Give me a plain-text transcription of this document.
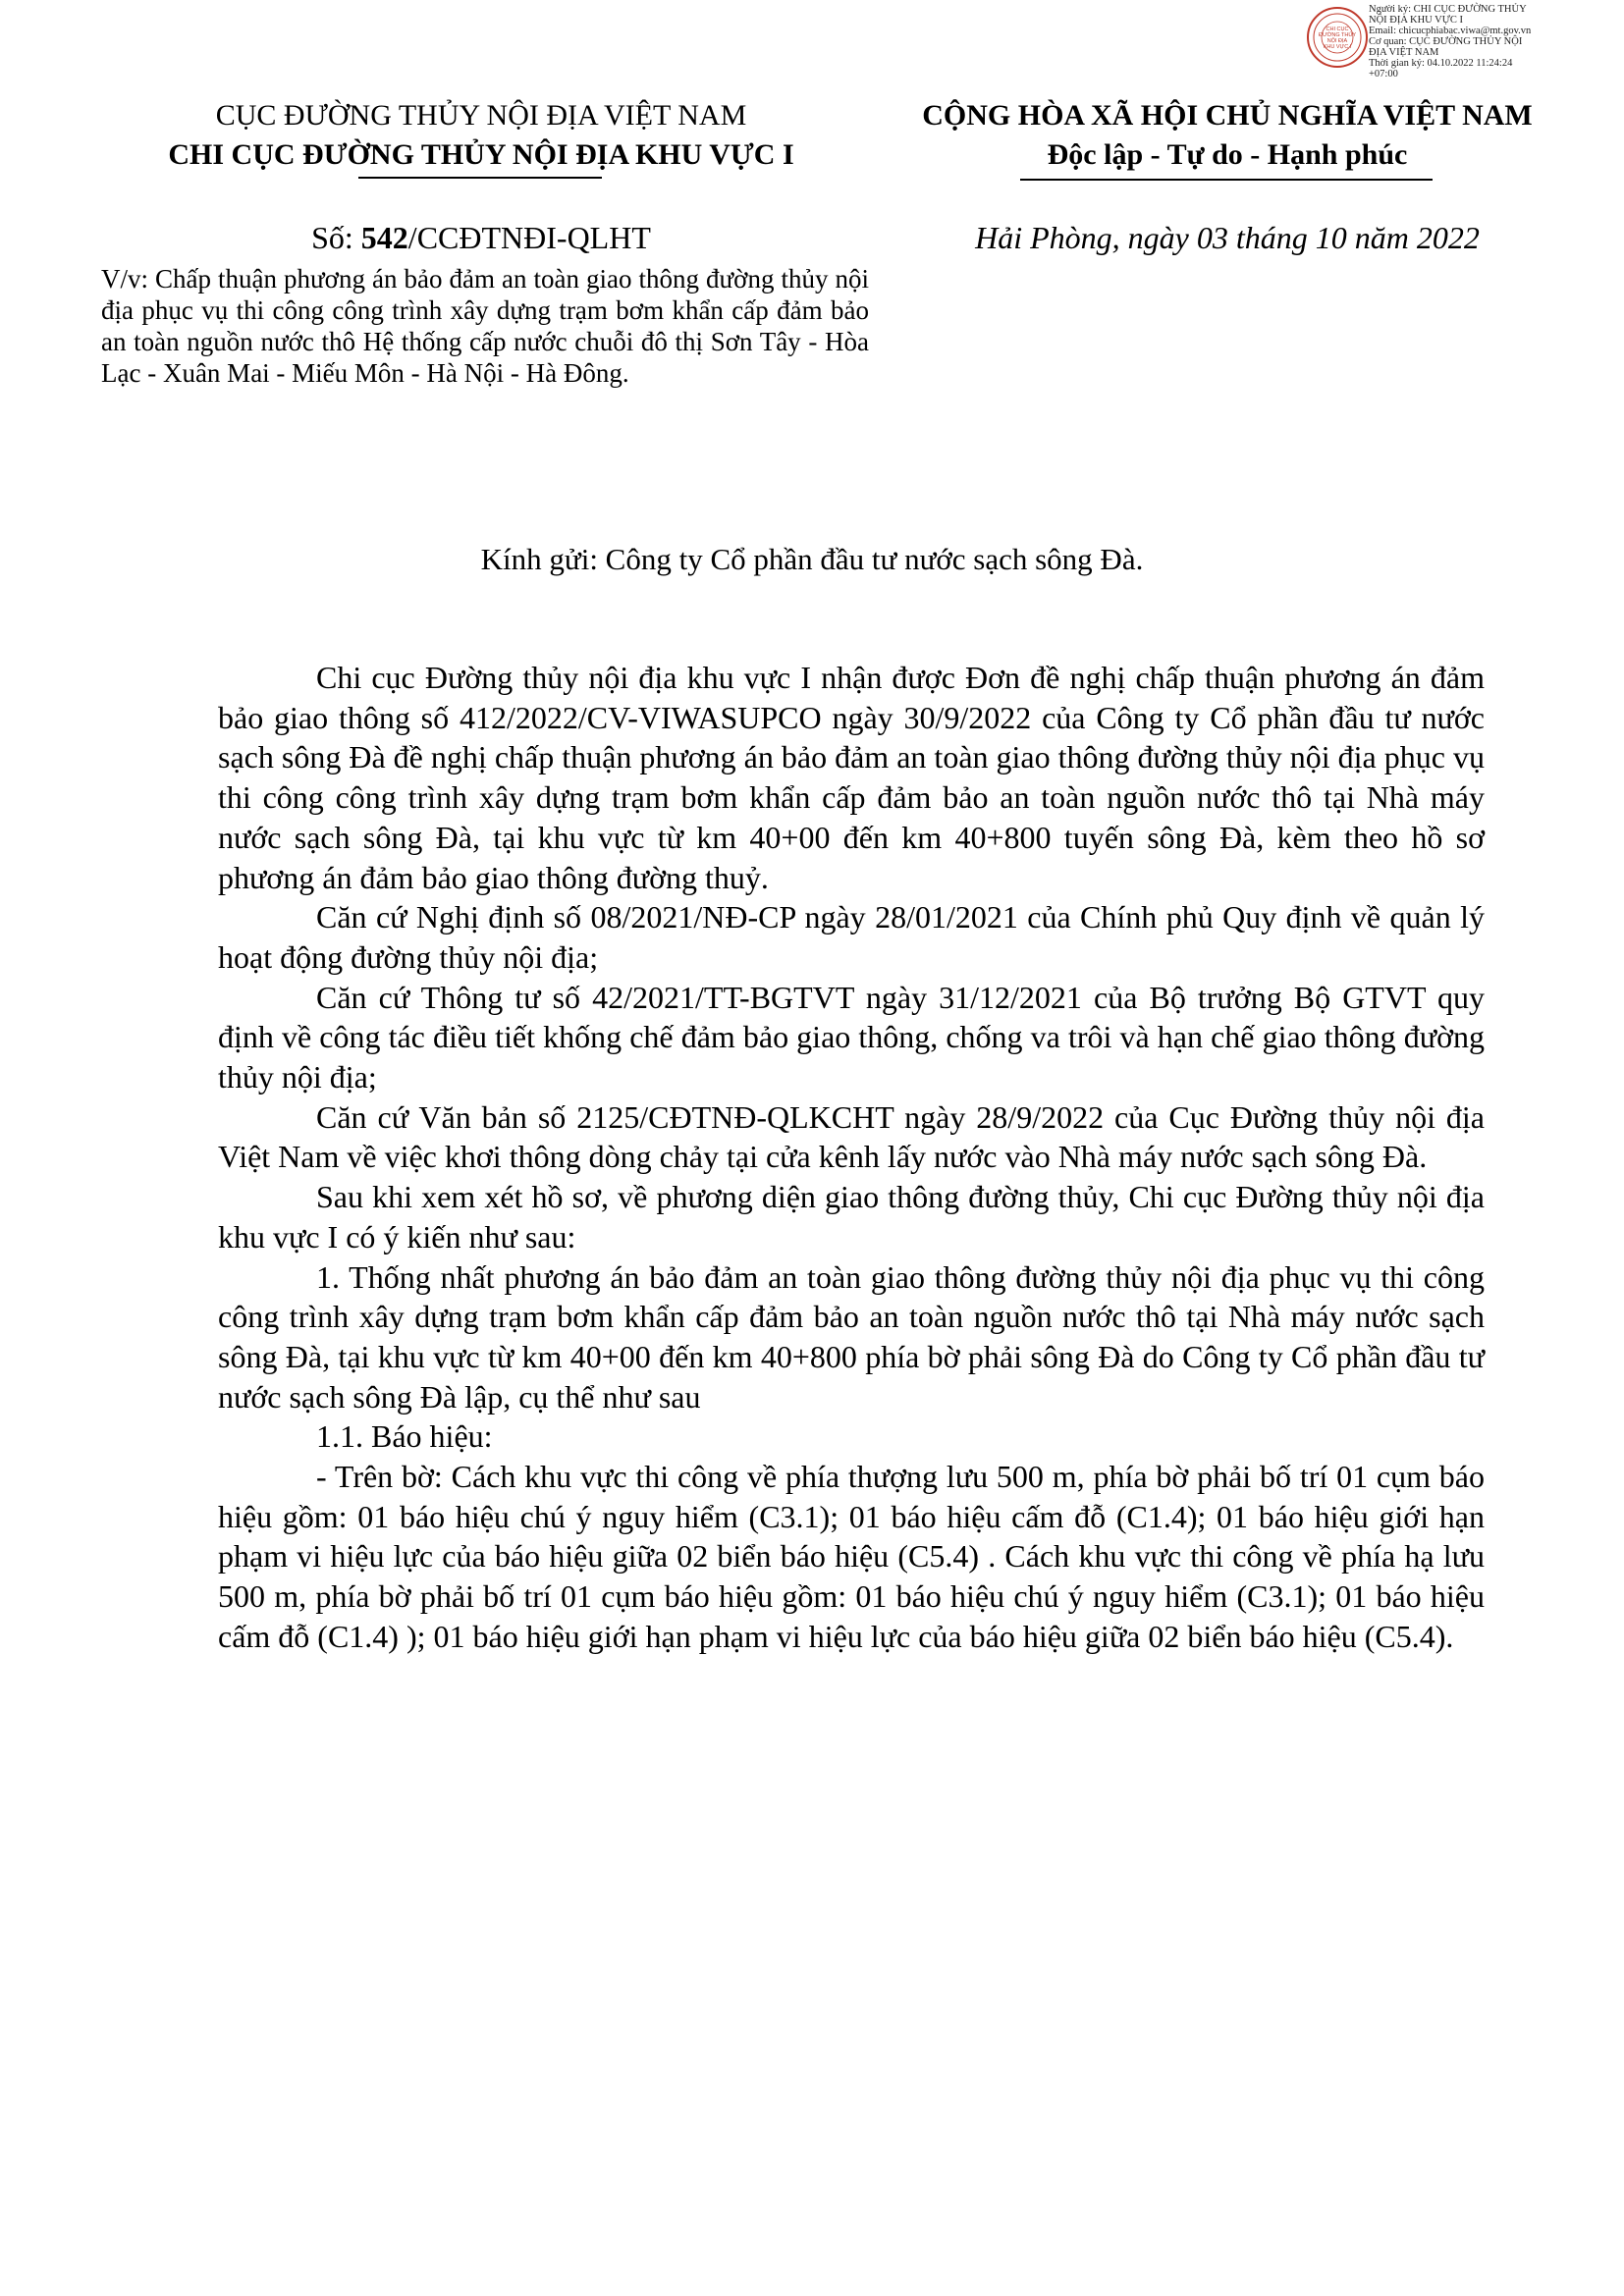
CHI CỤC
ĐƯỜNG THỦY
NỘI ĐỊA
KHU VỰC I
Người ký: CHI CỤC ĐƯỜNG THỦY
NỘI ĐỊA KHU VỰC I
Email: chicucphiabac.viwa@mt.gov.vn
Cơ quan: CỤC ĐƯỜNG THỦY NỘI
ĐỊA VIỆT NAM
Thời gian ký: 04.10.2022 11:24:24
+07:00
CỤC ĐƯỜNG THỦY NỘI ĐỊA VIỆT NAM
CHI CỤC ĐƯỜNG THỦY NỘI ĐỊA KHU VỰC I
CỘNG HÒA XÃ HỘI CHỦ NGHĨA VIỆT NAM
Độc lập - Tự do - Hạnh phúc
Số: 542/CCĐTNĐI-QLHT	Hải Phòng, ngày 03 tháng 10 năm 2022
V/v: Chấp thuận phương án bảo đảm an toàn giao thông đường thủy nội địa phục vụ thi công công trình xây dựng trạm bơm khẩn cấp đảm bảo an toàn nguồn nước thô Hệ thống cấp nước chuỗi đô thị Sơn Tây - Hòa Lạc - Xuân Mai - Miếu Môn - Hà Nội - Hà Đông.
Kính gửi: Công ty Cổ phần đầu tư nước sạch sông Đà.

Chi cục Đường thủy nội địa khu vực I nhận được Đơn đề nghị chấp thuận phương án đảm bảo giao thông số 412/2022/CV-VIWASUPCO ngày 30/9/2022 của Công ty Cổ phần đầu tư nước sạch sông Đà đề nghị chấp thuận phương án bảo đảm an toàn giao thông đường thủy nội địa phục vụ thi công công trình xây dựng trạm bơm khẩn cấp đảm bảo an toàn nguồn nước thô tại Nhà máy nước sạch sông Đà, tại khu vực từ km 40+00 đến km 40+800 tuyến sông Đà, kèm theo hồ sơ phương án đảm bảo giao thông đường thuỷ.

Căn cứ Nghị định số 08/2021/NĐ-CP ngày 28/01/2021 của Chính phủ Quy định về quản lý hoạt động đường thủy nội địa;

Căn cứ Thông tư số 42/2021/TT-BGTVT ngày 31/12/2021 của Bộ trưởng Bộ GTVT quy định về công tác điều tiết khống chế đảm bảo giao thông, chống va trôi và hạn chế giao thông đường thủy nội địa;

Căn cứ Văn bản số 2125/CĐTNĐ-QLKCHT ngày 28/9/2022 của Cục Đường thủy nội địa Việt Nam về việc khơi thông dòng chảy tại cửa kênh lấy nước vào Nhà máy nước sạch sông Đà.

Sau khi xem xét hồ sơ, về phương diện giao thông đường thủy, Chi cục Đường thủy nội địa khu vực I có ý kiến như sau:

1. Thống nhất phương án bảo đảm an toàn giao thông đường thủy nội địa phục vụ thi công công trình xây dựng trạm bơm khẩn cấp đảm bảo an toàn nguồn nước thô tại Nhà máy nước sạch sông Đà, tại khu vực từ km 40+00 đến km 40+800 phía bờ phải sông Đà do Công ty Cổ phần đầu tư nước sạch sông Đà lập, cụ thể như sau

1.1. Báo hiệu:

- Trên bờ: Cách khu vực thi công về phía thượng lưu 500 m, phía bờ phải bố trí 01 cụm báo hiệu gồm: 01 báo hiệu chú ý nguy hiểm (C3.1); 01 báo hiệu cấm đỗ (C1.4); 01 báo hiệu giới hạn phạm vi hiệu lực của báo hiệu giữa 02 biển báo hiệu (C5.4) . Cách khu vực thi công về phía hạ lưu 500 m, phía bờ phải bố trí 01 cụm báo hiệu gồm: 01 báo hiệu chú ý nguy hiểm (C3.1); 01 báo hiệu cấm đỗ (C1.4) ); 01 báo hiệu giới hạn phạm vi hiệu lực của báo hiệu giữa 02 biển báo hiệu (C5.4).
